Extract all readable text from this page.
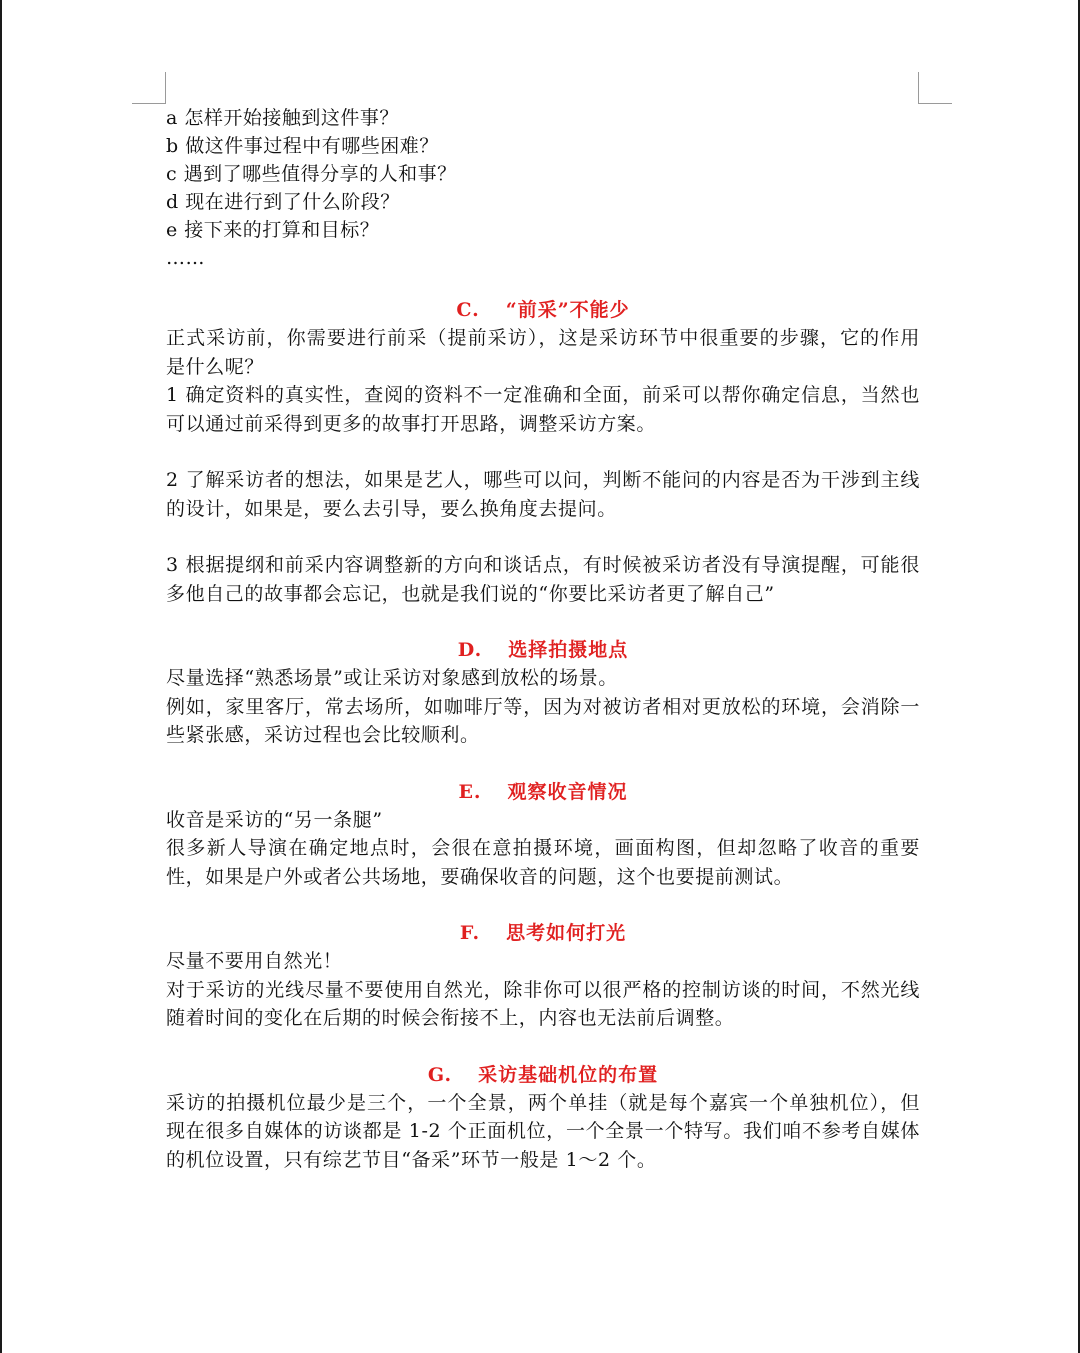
a 怎样开始接触到这件事？
b 做这件事过程中有哪些困难？
c 遇到了哪些值得分享的人和事？
d 现在进行到了什么阶段？
e 接下来的打算和目标？
……
C. “前采”不能少
正式采访前，你需要进行前采（提前采访），这是采访环节中很重要的步骤，它的作用是什么呢？
1 确定资料的真实性，查阅的资料不一定准确和全面，前采可以帮你确定信息，当然也可以通过前采得到更多的故事打开思路，调整采访方案。
2 了解采访者的想法，如果是艺人，哪些可以问，判断不能问的内容是否为干涉到主线的设计，如果是，要么去引导，要么换角度去提问。
3 根据提纲和前采内容调整新的方向和谈话点，有时候被采访者没有导演提醒，可能很多他自己的故事都会忘记，也就是我们说的“你要比采访者更了解自己”
D. 选择拍摄地点
尽量选择“熟悉场景”或让采访对象感到放松的场景。
例如，家里客厅，常去场所，如咖啡厅等，因为对被访者相对更放松的环境，会消除一些紧张感，采访过程也会比较顺利。
E. 观察收音情况
收音是采访的“另一条腿”
很多新人导演在确定地点时，会很在意拍摄环境，画面构图，但却忽略了收音的重要性，如果是户外或者公共场地，要确保收音的问题，这个也要提前测试。
F. 思考如何打光
尽量不要用自然光！
对于采访的光线尽量不要使用自然光，除非你可以很严格的控制访谈的时间，不然光线随着时间的变化在后期的时候会衔接不上，内容也无法前后调整。
G. 采访基础机位的布置
采访的拍摄机位最少是三个，一个全景，两个单挂（就是每个嘉宾一个单独机位），但现在很多自媒体的访谈都是 1-2 个正面机位，一个全景一个特写。我们咱不参考自媒体的机位设置，只有综艺节目“备采”环节一般是 1～2 个。
